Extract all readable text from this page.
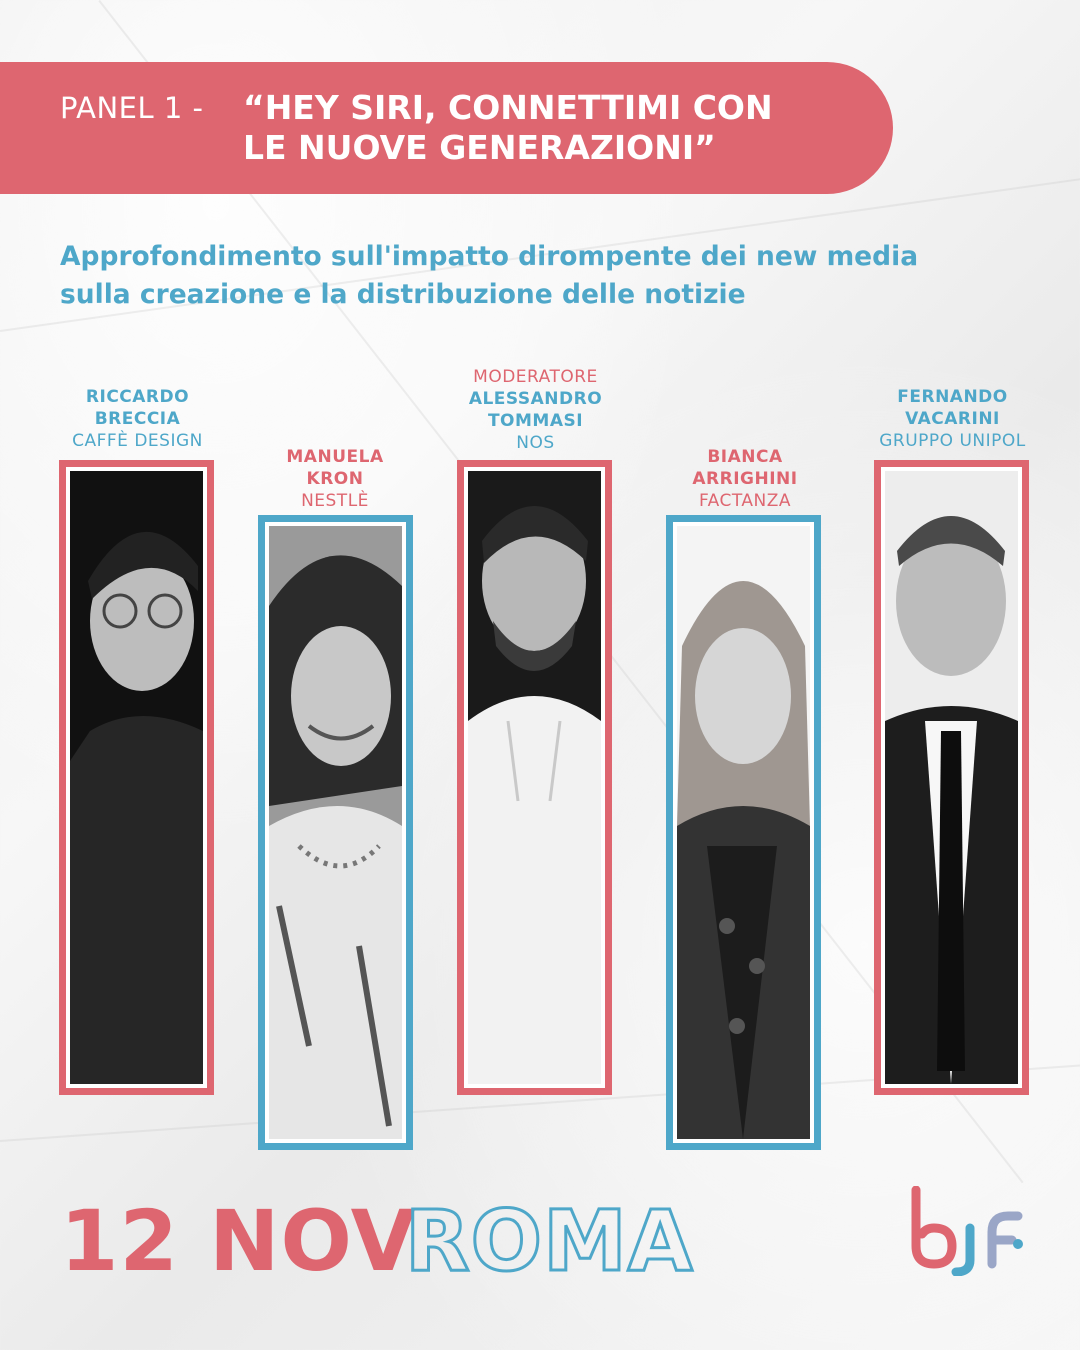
PANEL 1 - “HEY SIRI, CONNETTIMI CON
LE NUOVE GENERAZIONI”
Approfondimento sull'impatto dirompente dei new media
sulla creazione e la distribuzione delle notizie
RICCARDO
BRECCIA
CAFFÈ DESIGN
MANUELA
KRON
NESTLÈ
MODERATORE
ALESSANDRO
TOMMASI
NOS
BIANCA
ARRIGHINI
FACTANZA
FERNANDO
VACARINI
GRUPPO UNIPOL
12 NOV
ROMA
